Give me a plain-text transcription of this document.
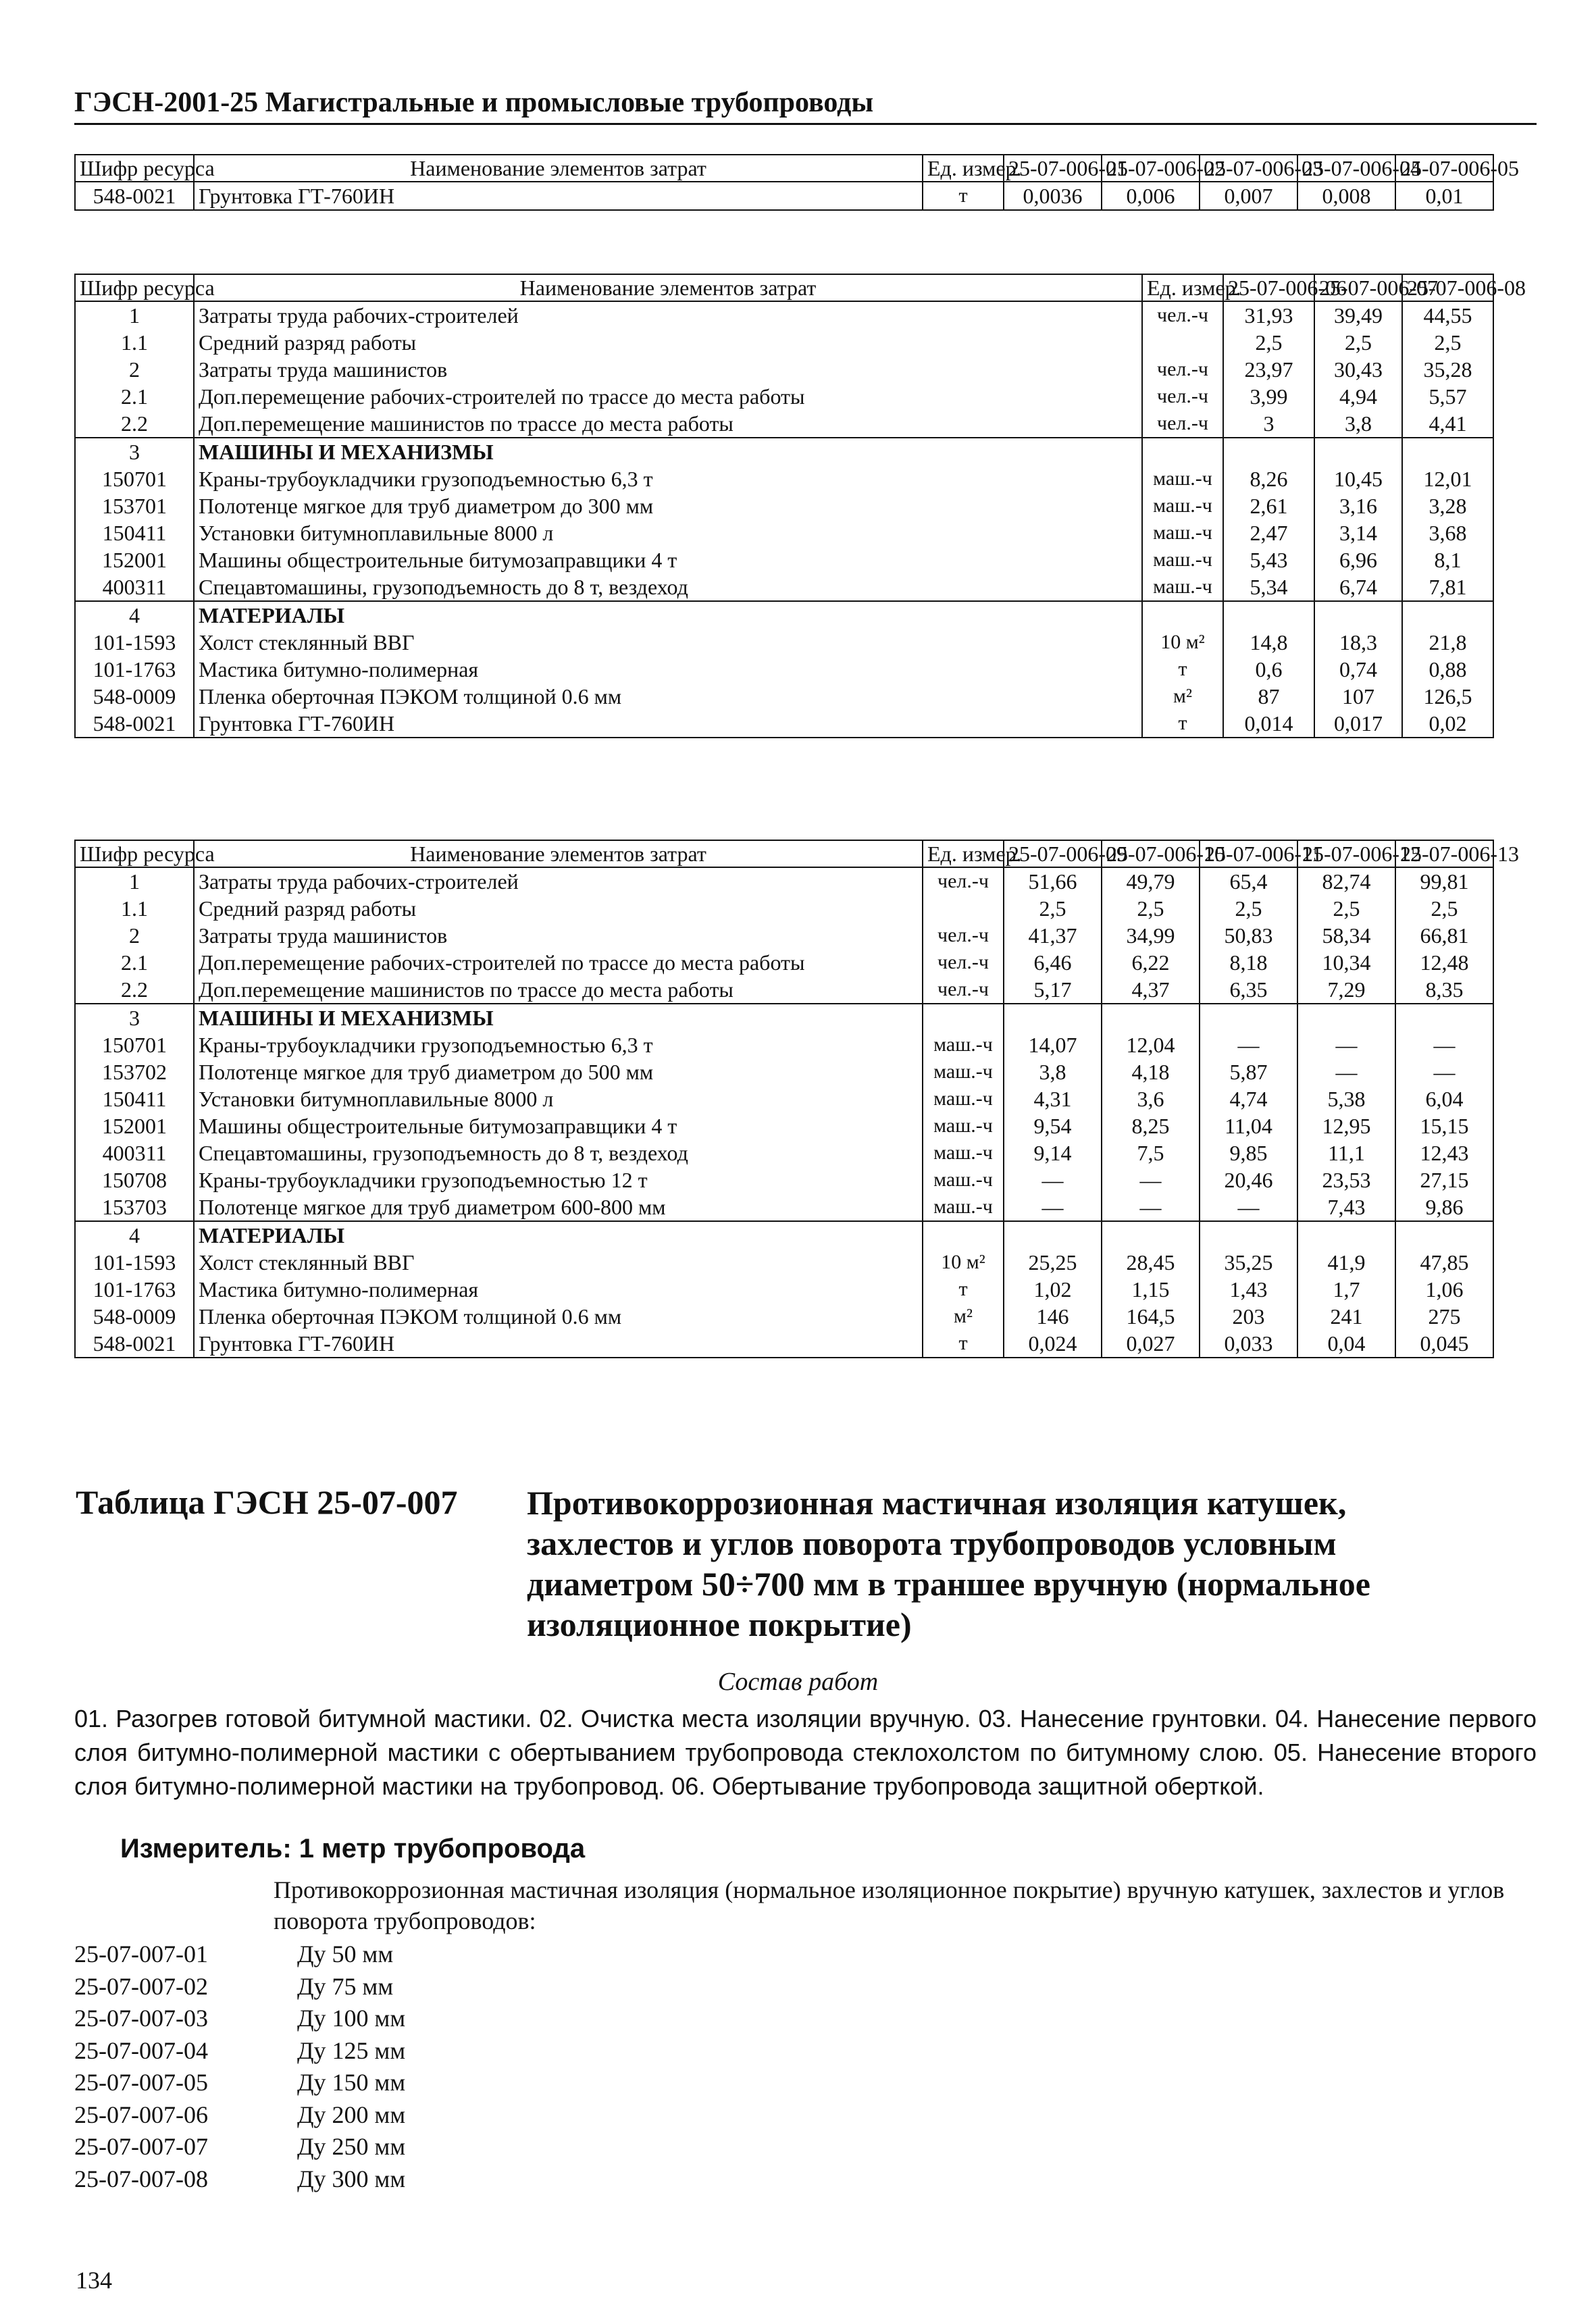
ГЭСН-2001-25 Магистральные и промысловые трубопроводы
Шифр ресурса	Наименование элементов затрат	Ед. измер.	25-07-006-01	25-07-006-02	25-07-006-03	25-07-006-04	25-07-006-05
548-0021	Грунтовка ГТ-760ИН	т	0,0036	0,006	0,007	0,008	0,01
Шифр ресурса	Наименование элементов затрат	Ед. измер.	25-07-006-06	25-07-006-07	25-07-006-08
1	Затраты труда рабочих-строителей	чел.-ч	31,93	39,49	44,55
1.1	Средний разряд работы		2,5	2,5	2,5
2	Затраты труда машинистов	чел.-ч	23,97	30,43	35,28
2.1	Доп.перемещение рабочих-строителей по трассе до места работы	чел.-ч	3,99	4,94	5,57
2.2	Доп.перемещение машинистов по трассе до места работы	чел.-ч	3	3,8	4,41
3	МАШИНЫ И МЕХАНИЗМЫ				
150701	Краны-трубоукладчики грузоподъемностью 6,3 т	маш.-ч	8,26	10,45	12,01
153701	Полотенце мягкое для труб диаметром до 300 мм	маш.-ч	2,61	3,16	3,28
150411	Установки битумноплавильные 8000 л	маш.-ч	2,47	3,14	3,68
152001	Машины общестроительные битумозаправщики 4 т	маш.-ч	5,43	6,96	8,1
400311	Спецавтомашины, грузоподъемность до 8 т, вездеход	маш.-ч	5,34	6,74	7,81
4	МАТЕРИАЛЫ				
101-1593	Холст стеклянный ВВГ	10 м²	14,8	18,3	21,8
101-1763	Мастика битумно-полимерная	т	0,6	0,74	0,88
548-0009	Пленка оберточная ПЭКОМ толщиной 0.6 мм	м²	87	107	126,5
548-0021	Грунтовка ГТ-760ИН	т	0,014	0,017	0,02
Шифр ресурса	Наименование элементов затрат	Ед. измер.	25-07-006-09	25-07-006-10	25-07-006-11	25-07-006-12	25-07-006-13
1	Затраты труда рабочих-строителей	чел.-ч	51,66	49,79	65,4	82,74	99,81
1.1	Средний разряд работы		2,5	2,5	2,5	2,5	2,5
2	Затраты труда машинистов	чел.-ч	41,37	34,99	50,83	58,34	66,81
2.1	Доп.перемещение рабочих-строителей по трассе до места работы	чел.-ч	6,46	6,22	8,18	10,34	12,48
2.2	Доп.перемещение машинистов по трассе до места работы	чел.-ч	5,17	4,37	6,35	7,29	8,35
3	МАШИНЫ И МЕХАНИЗМЫ						
150701	Краны-трубоукладчики грузоподъемностью 6,3 т	маш.-ч	14,07	12,04	—	—	—
153702	Полотенце мягкое для труб диаметром до 500 мм	маш.-ч	3,8	4,18	5,87	—	—
150411	Установки битумноплавильные 8000 л	маш.-ч	4,31	3,6	4,74	5,38	6,04
152001	Машины общестроительные битумозаправщики 4 т	маш.-ч	9,54	8,25	11,04	12,95	15,15
400311	Спецавтомашины, грузоподъемность до 8 т, вездеход	маш.-ч	9,14	7,5	9,85	11,1	12,43
150708	Краны-трубоукладчики грузоподъемностью 12 т	маш.-ч	—	—	20,46	23,53	27,15
153703	Полотенце мягкое для труб диаметром 600-800 мм	маш.-ч	—	—	—	7,43	9,86
4	МАТЕРИАЛЫ						
101-1593	Холст стеклянный ВВГ	10 м²	25,25	28,45	35,25	41,9	47,85
101-1763	Мастика битумно-полимерная	т	1,02	1,15	1,43	1,7	1,06
548-0009	Пленка оберточная ПЭКОМ толщиной 0.6 мм	м²	146	164,5	203	241	275
548-0021	Грунтовка ГТ-760ИН	т	0,024	0,027	0,033	0,04	0,045
Таблица ГЭСН 25-07-007 Противокоррозионная мастичная изоляция катушек, захлестов и углов поворота трубопроводов условным диаметром 50÷700 мм в траншее вручную (нормальное изоляционное покрытие)
Состав работ

01. Разогрев готовой битумной мастики. 02. Очистка места изоляции вручную. 03. Нанесение грунтовки. 04. Нанесение первого слоя битумно-полимерной мастики с обертыванием трубопровода стеклохолстом по битумному слою. 05. Нанесение второго слоя битумно-полимерной мастики на трубопровод. 06. Обертывание трубопровода защитной оберткой.

Измеритель: 1 метр трубопровода
Противокоррозионная мастичная изоляция (нормальное изоляционное покрытие) вручную катушек, захлестов и углов поворота трубопроводов:
25-07-007-01	Ду 50 мм
25-07-007-02	Ду 75 мм
25-07-007-03	Ду 100 мм
25-07-007-04	Ду 125 мм
25-07-007-05	Ду 150 мм
25-07-007-06	Ду 200 мм
25-07-007-07	Ду 250 мм
25-07-007-08	Ду 300 мм
134
